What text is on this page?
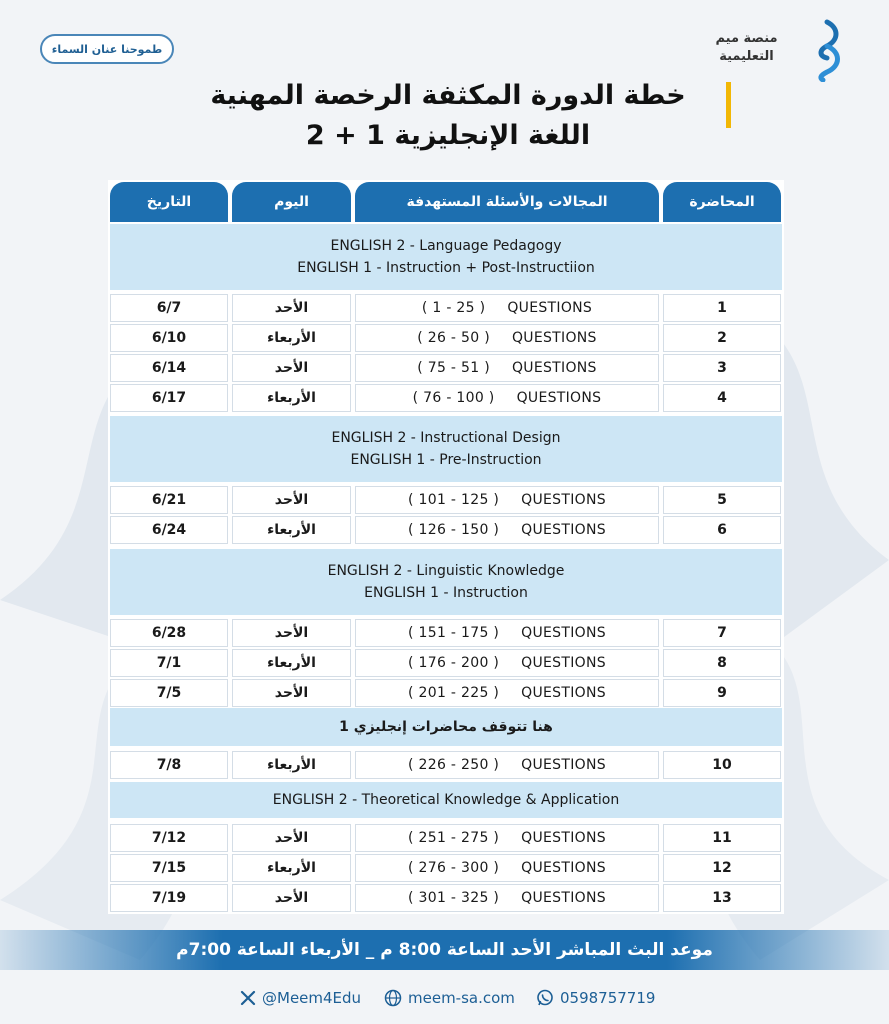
طموحنا عنان السماء
منصة ميم
التعليمية
خطة الدورة المكثفة الرخصة المهنية
اللغة الإنجليزية 1 + 2
التاريخ	اليوم	المجالات والأسئلة المستهدفة	المحاضرة
ENGLISH 2 - Language Pedagogy
ENGLISH 1 - Instruction + Post-Instructiion
ENGLISH 2 - Instructional Design
ENGLISH 1 - Pre-Instruction
ENGLISH 2 - Linguistic Knowledge
ENGLISH 1 - Instruction
هنا تتوقف محاضرات إنجليزي 1
ENGLISH 2 - Theoretical Knowledge & Application
6/7	الأحد	( 1 - 25 ) QUESTIONS	1
6/10	الأربعاء	( 26 - 50 ) QUESTIONS	2
6/14	الأحد	( 75 - 51 ) QUESTIONS	3
6/17	الأربعاء	( 76 - 100 ) QUESTIONS	4
6/21	الأحد	( 101 - 125 ) QUESTIONS	5
6/24	الأربعاء	( 126 - 150 ) QUESTIONS	6
6/28	الأحد	( 151 - 175 ) QUESTIONS	7
7/1	الأربعاء	( 176 - 200 ) QUESTIONS	8
7/5	الأحد	( 201 - 225 ) QUESTIONS	9
7/8	الأربعاء	( 226 - 250 ) QUESTIONS	10
7/12	الأحد	( 251 - 275 ) QUESTIONS	11
7/15	الأربعاء	( 276 - 300 ) QUESTIONS	12
7/19	الأحد	( 301 - 325 ) QUESTIONS	13
موعد البث المباشر الأحد الساعة 8:00 م _ الأربعاء الساعة 7:00م
@Meem4Edu	meem-sa.com	0598757719
